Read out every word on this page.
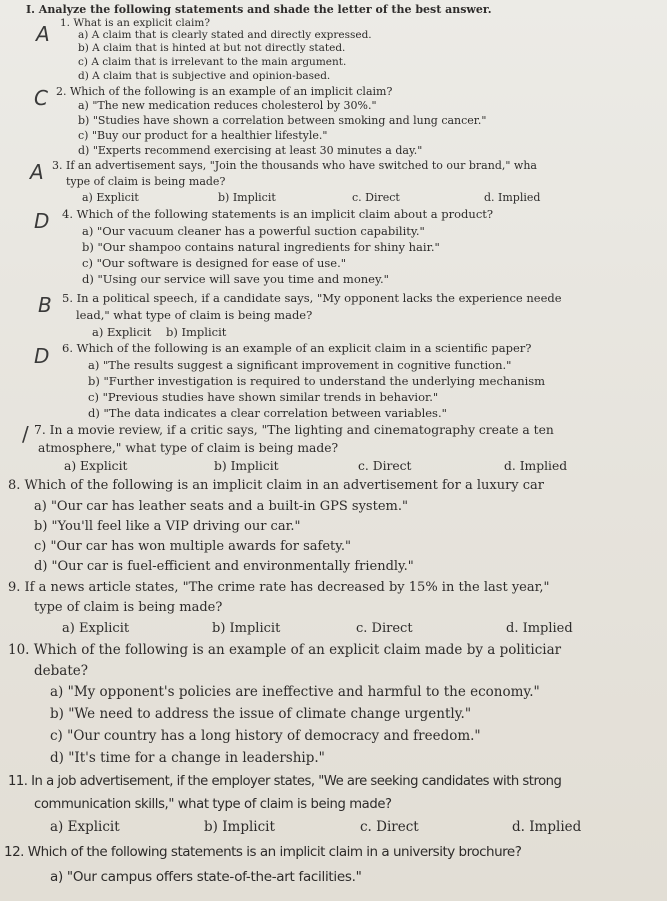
I. Analyze the following statements and shade the letter of the best answer.
A 1. What is an explicit claim?
a) A claim that is clearly stated and directly expressed.
b) A claim that is hinted at but not directly stated.
c) A claim that is irrelevant to the main argument.
d) A claim that is subjective and opinion-based.
C 2. Which of the following is an example of an implicit claim?
a) "The new medication reduces cholesterol by 30%."
b) "Studies have shown a correlation between smoking and lung cancer."
c) "Buy our product for a healthier lifestyle."
d) "Experts recommend exercising at least 30 minutes a day."
A 3. If an advertisement says, "Join the thousands who have switched to our brand," wha
type of claim is being made?
a) Explicit	b) Implicit	c. Direct	d. Implied
D 4. Which of the following statements is an implicit claim about a product?
a) "Our vacuum cleaner has a powerful suction capability."
b) "Our shampoo contains natural ingredients for shiny hair."
c) "Our software is designed for ease of use."
d) "Using our service will save you time and money."
B 5. In a political speech, if a candidate says, "My opponent lacks the experience neede
lead," what type of claim is being made?
a) Explicit    b) Implicit
D 6. Which of the following is an example of an explicit claim in a scientific paper?
a) "The results suggest a significant improvement in cognitive function."
b) "Further investigation is required to understand the underlying mechanism
c) "Previous studies have shown similar trends in behavior."
d) "The data indicates a clear correlation between variables."
/ 7. In a movie review, if a critic says, "The lighting and cinematography create a ten
atmosphere," what type of claim is being made?
a) Explicit	b) Implicit	c. Direct	d. Implied
8. Which of the following is an implicit claim in an advertisement for a luxury car
a) "Our car has leather seats and a built-in GPS system."
b) "You'll feel like a VIP driving our car."
c) "Our car has won multiple awards for safety."
d) "Our car is fuel-efficient and environmentally friendly."
9. If a news article states, "The crime rate has decreased by 15% in the last year,"
type of claim is being made?
a) Explicit	b) Implicit	c. Direct	d. Implied
10. Which of the following is an example of an explicit claim made by a politiciar
debate?
a) "My opponent's policies are ineffective and harmful to the economy."
b) "We need to address the issue of climate change urgently."
c) "Our country has a long history of democracy and freedom."
d) "It's time for a change in leadership."
11. In a job advertisement, if the employer states, "We are seeking candidates with strong
communication skills," what type of claim is being made?
a) Explicit	b) Implicit	c. Direct	d. Implied
12. Which of the following statements is an implicit claim in a university brochure?
a) "Our campus offers state-of-the-art facilities."
